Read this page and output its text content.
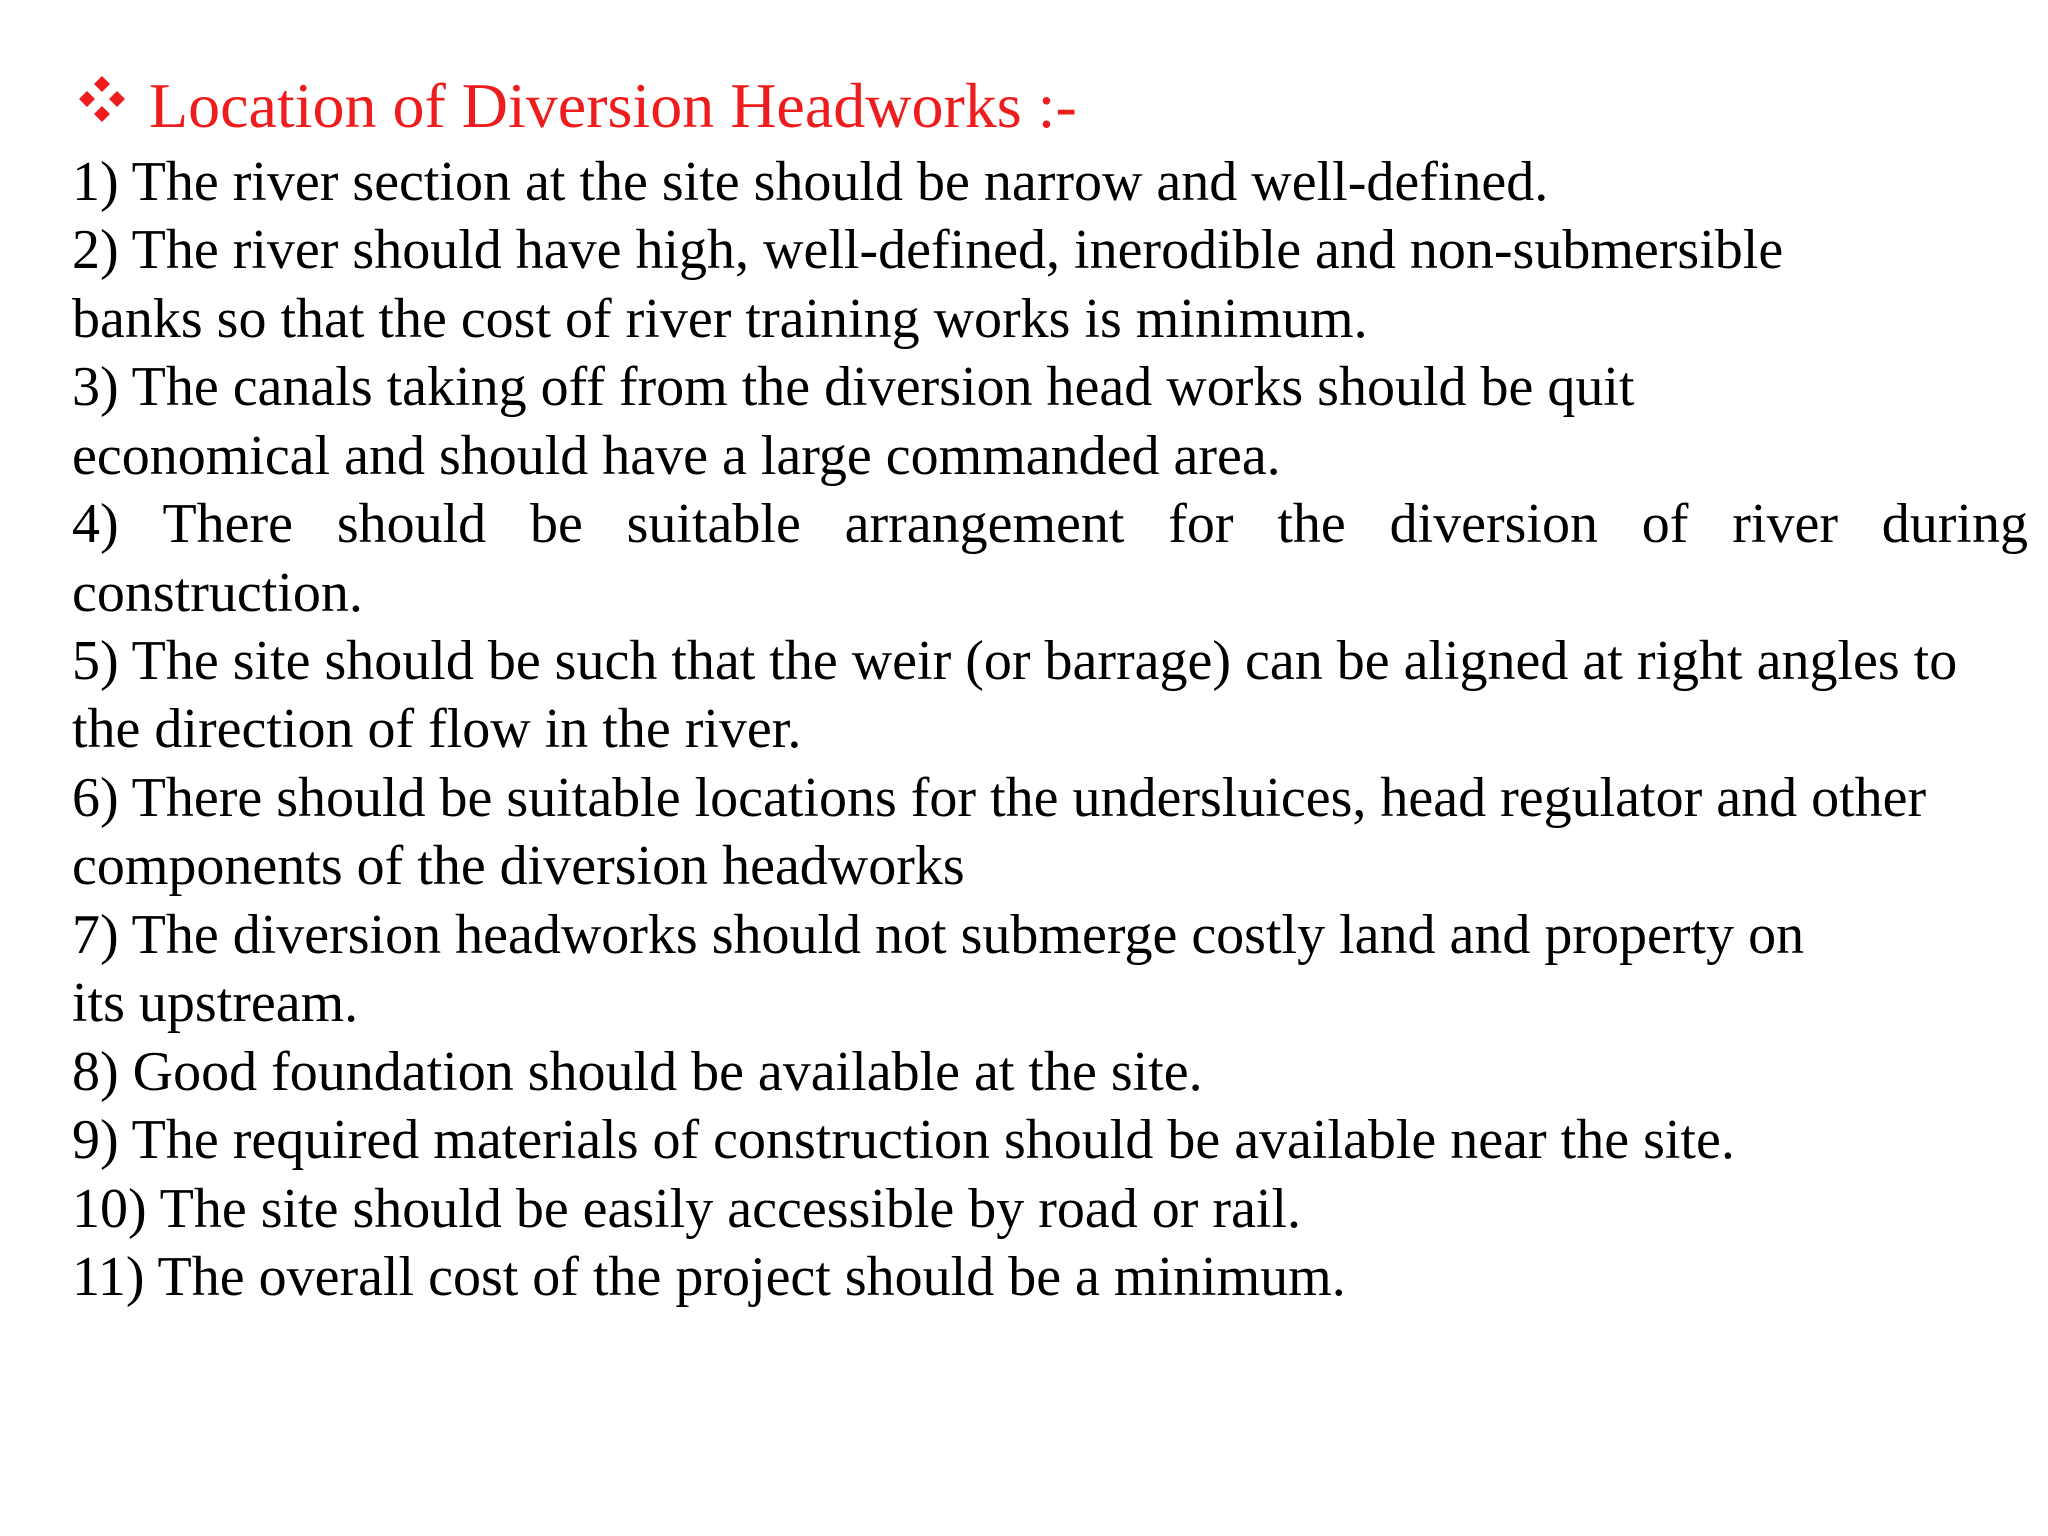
Location of Diversion Headworks :-
1) The river section at the site should be narrow and well-defined.
2) The river should have high, well-defined, inerodible and non-submersible
banks so that the cost of river training works is minimum.
3) The canals taking off from the diversion head works should be quit
economical and should have a large commanded area.
4) There should be suitable arrangement for the diversion of river during
construction.
5) The site should be such that the weir (or barrage) can be aligned at right angles to
the direction of flow in the river.
6) There should be suitable locations for the undersluices, head regulator and other
components of the diversion headworks
7) The diversion headworks should not submerge costly land and property on
its upstream.
8) Good foundation should be available at the site.
9) The required materials of construction should be available near the site.
10) The site should be easily accessible by road or rail.
11) The overall cost of the project should be a minimum.
